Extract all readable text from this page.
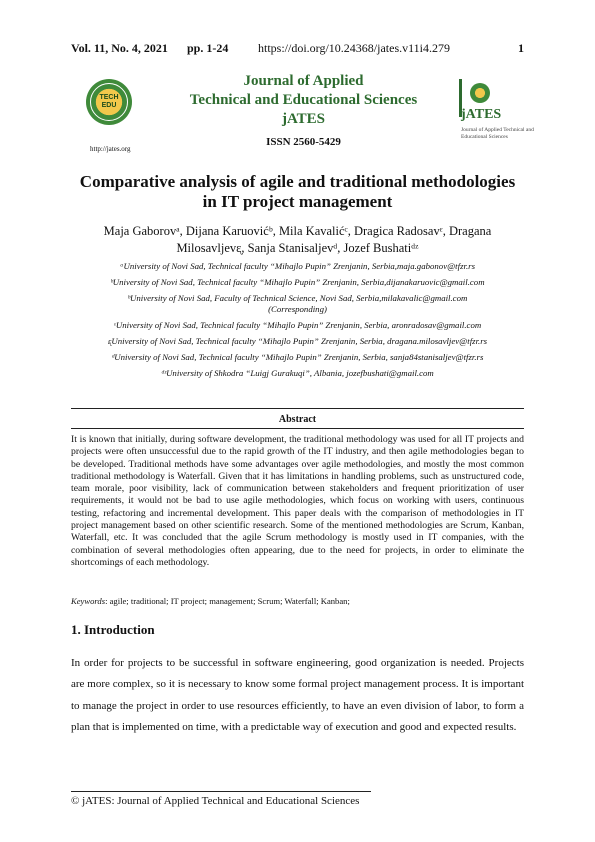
Vol. 11, No. 4, 2021 pp. 1-24 https://doi.org/10.24368/jates.v11i4.279	1
TECH
EDU
http://jates.org
Journal of Applied
Technical and Educational Sciences
jATES
ISSN 2560-5429
jATES
Journal of Applied Technical and Educational Sciences
Comparative analysis of agile and traditional methodologies
in IT project management
Maja Gaborovᵃ, Dijana Karuovićᵇ, Mila Kavalićᶜ, Dragica Radosavᵋ, Dragana
Milosavljevᶓ, Sanja Stanisaljevᵈ, Jozef Bushatiᵈᶻ
ᵃUniversity of Novi Sad, Technical faculty “Mihajlo Pupin” Zrenjanin, Serbia,maja.gabonov@tfzr.rs
ᵇUniversity of Novi Sad, Technical faculty “Mihajlo Pupin” Zrenjanin, Serbia,dijanakaruovic@gmail.com
ᵇUniversity of Novi Sad, Faculty of Technical Science, Novi Sad, Serbia,milakavalic@gmail.com
(Corresponding)
ᵋUniversity of Novi Sad, Technical faculty “Mihajlo Pupin” Zrenjanin, Serbia, aronradosav@gmail.com
ᶓUniversity of Novi Sad, Technical faculty “Mihajlo Pupin” Zrenjanin, Serbia, dragana.milosavljev@tfzr.rs
ᵈUniversity of Novi Sad, Technical faculty “Mihajlo Pupin” Zrenjanin, Serbia, sanja84stanisaljev@tfzr.rs
ᵈᶻUniversity of Shkodra “Luigj Gurakuqi”, Albania, jozefbushati@gmail.com
Abstract
It is known that initially, during software development, the traditional methodology was used for all IT projects and projects were often unsuccessful due to the rapid growth of the IT industry, and then agile methodologies began to be developed. Traditional methods have some advantages over agile methodologies, and mostly the most common traditional methodology is Waterfall. Given that it has limitations in handling problems, such as unstructured code, team morale, poor visibility, lack of communication between stakeholders and frequent prioritization of user requirements, it would not be bad to use agile methodologies, which focus on working with users, continuous testing, refactoring and incremental development. This paper deals with the comparison of methodologies in IT project management based on other scientific research. Some of the mentioned methodologies are Scrum, Kanban, Waterfall, etc. It was concluded that the agile Scrum methodology is mostly used in IT companies, with the combination of several methodologies often appearing, due to the need for projects, in order to eliminate the shortcomings of each methodology.
Keywords: agile; traditional; IT project; management; Scrum; Waterfall; Kanban;
1. Introduction
In order for projects to be successful in software engineering, good organization is needed. Projects are more complex, so it is necessary to know some formal project management process. It is important to manage the project in order to use resources efficiently, to have an even division of labor, to form a plan that is implemented on time, with a predictable way of execution and good and expected results.
© jATES: Journal of Applied Technical and Educational Sciences
